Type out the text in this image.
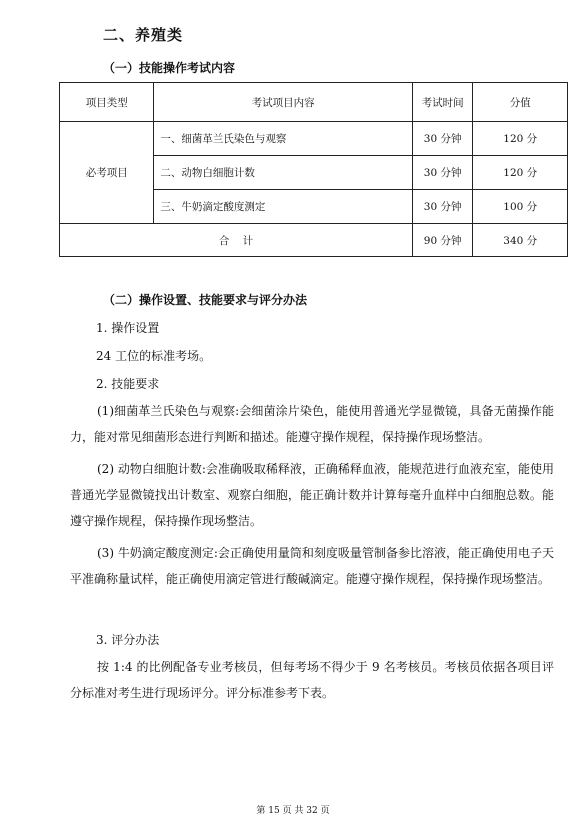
二、养殖类
（一）技能操作考试内容
项目类型	考试项目内容	考试时间	分值
必考项目	一、细菌革兰氏染色与观察	30 分钟	120 分
	二、动物白细胞计数	30 分钟	120 分
	三、牛奶滴定酸度测定	30 分钟	100 分
合    计		90 分钟	340 分
（二）操作设置、技能要求与评分办法
1. 操作设置
24 工位的标准考场。
2. 技能要求
(1)细菌革兰氏染色与观察:会细菌涂片染色，能使用普通光学显微镜，具备无菌操作能力，能对常见细菌形态进行判断和描述。能遵守操作规程，保持操作现场整洁。
(2) 动物白细胞计数:会准确吸取稀释液，正确稀释血液，能规范进行血液充室，能使用普通光学显微镜找出计数室、观察白细胞，能正确计数并计算每毫升血样中白细胞总数。能遵守操作规程，保持操作现场整洁。
(3) 牛奶滴定酸度测定:会正确使用量筒和刻度吸量管制备参比溶液，能正确使用电子天平准确称量试样，能正确使用滴定管进行酸碱滴定。能遵守操作规程，保持操作现场整洁。
3. 评分办法
按 1:4 的比例配备专业考核员，但每考场不得少于 9 名考核员。考核员依据各项目评分标准对考生进行现场评分。评分标准参考下表。
第 15 页 共 32 页
